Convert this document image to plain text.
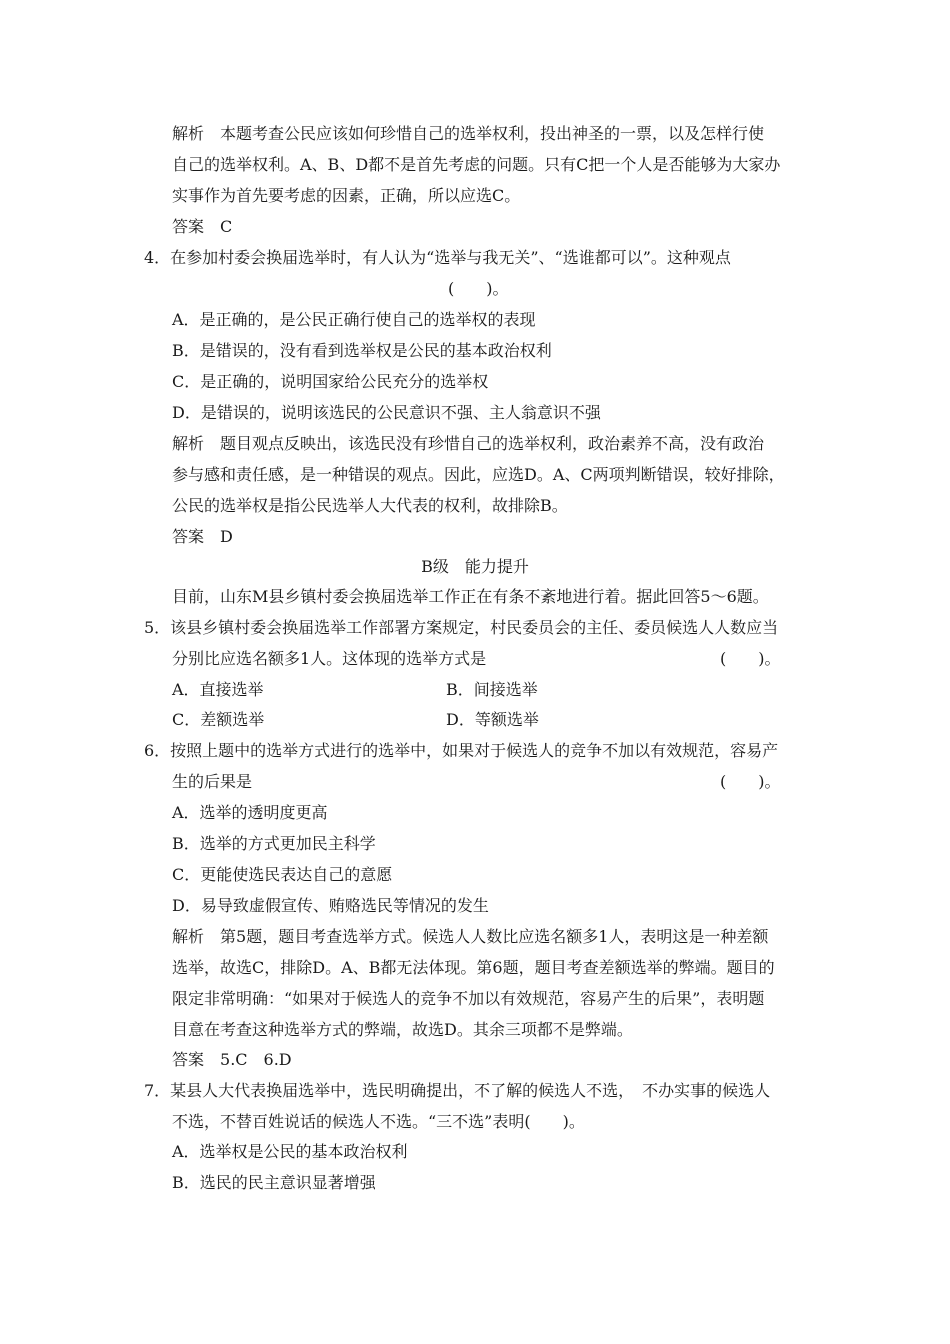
解析 本题考查公民应该如何珍惜自己的选举权利，投出神圣的一票，以及怎样行使
自己的选举权利。A、B、D都不是首先考虑的问题。只有C把一个人是否能够为大家办
实事作为首先要考虑的因素，正确，所以应选C。
答案 C
4．在参加村委会换届选举时，有人认为“选举与我无关”、“选谁都可以”。这种观点
(　　)。
A．是正确的，是公民正确行使自己的选举权的表现
B．是错误的，没有看到选举权是公民的基本政治权利
C．是正确的，说明国家给公民充分的选举权
D．是错误的，说明该选民的公民意识不强、主人翁意识不强
解析 题目观点反映出，该选民没有珍惜自己的选举权利，政治素养不高，没有政治
参与感和责任感，是一种错误的观点。因此，应选D。A、C两项判断错误，较好排除，
公民的选举权是指公民选举人大代表的权利，故排除B。
答案 D
B级　能力提升
目前，山东M县乡镇村委会换届选举工作正在有条不紊地进行着。据此回答5～6题。
5．该县乡镇村委会换届选举工作部署方案规定，村民委员会的主任、委员候选人人数应当
分别比应选名额多1人。这体现的选举方式是	(　　)。
A．直接选举	B．间接选举
C．差额选举	D．等额选举
6．按照上题中的选举方式进行的选举中，如果对于候选人的竞争不加以有效规范，容易产
生的后果是	(　　)。
A．选举的透明度更高
B．选举的方式更加民主科学
C．更能使选民表达自己的意愿
D．易导致虚假宣传、贿赂选民等情况的发生
解析 第5题，题目考查选举方式。候选人人数比应选名额多1人，表明这是一种差额
选举，故选C，排除D。A、B都无法体现。第6题，题目考查差额选举的弊端。题目的
限定非常明确：“如果对于候选人的竞争不加以有效规范，容易产生的后果”，表明题
目意在考查这种选举方式的弊端，故选D。其余三项都不是弊端。
答案 5.C　6.D
7．某县人大代表换届选举中，选民明确提出，不了解的候选人不选，　不办实事的候选人
不选，不替百姓说话的候选人不选。“三不选”表明(　　)。
A．选举权是公民的基本政治权利
B．选民的民主意识显著增强
